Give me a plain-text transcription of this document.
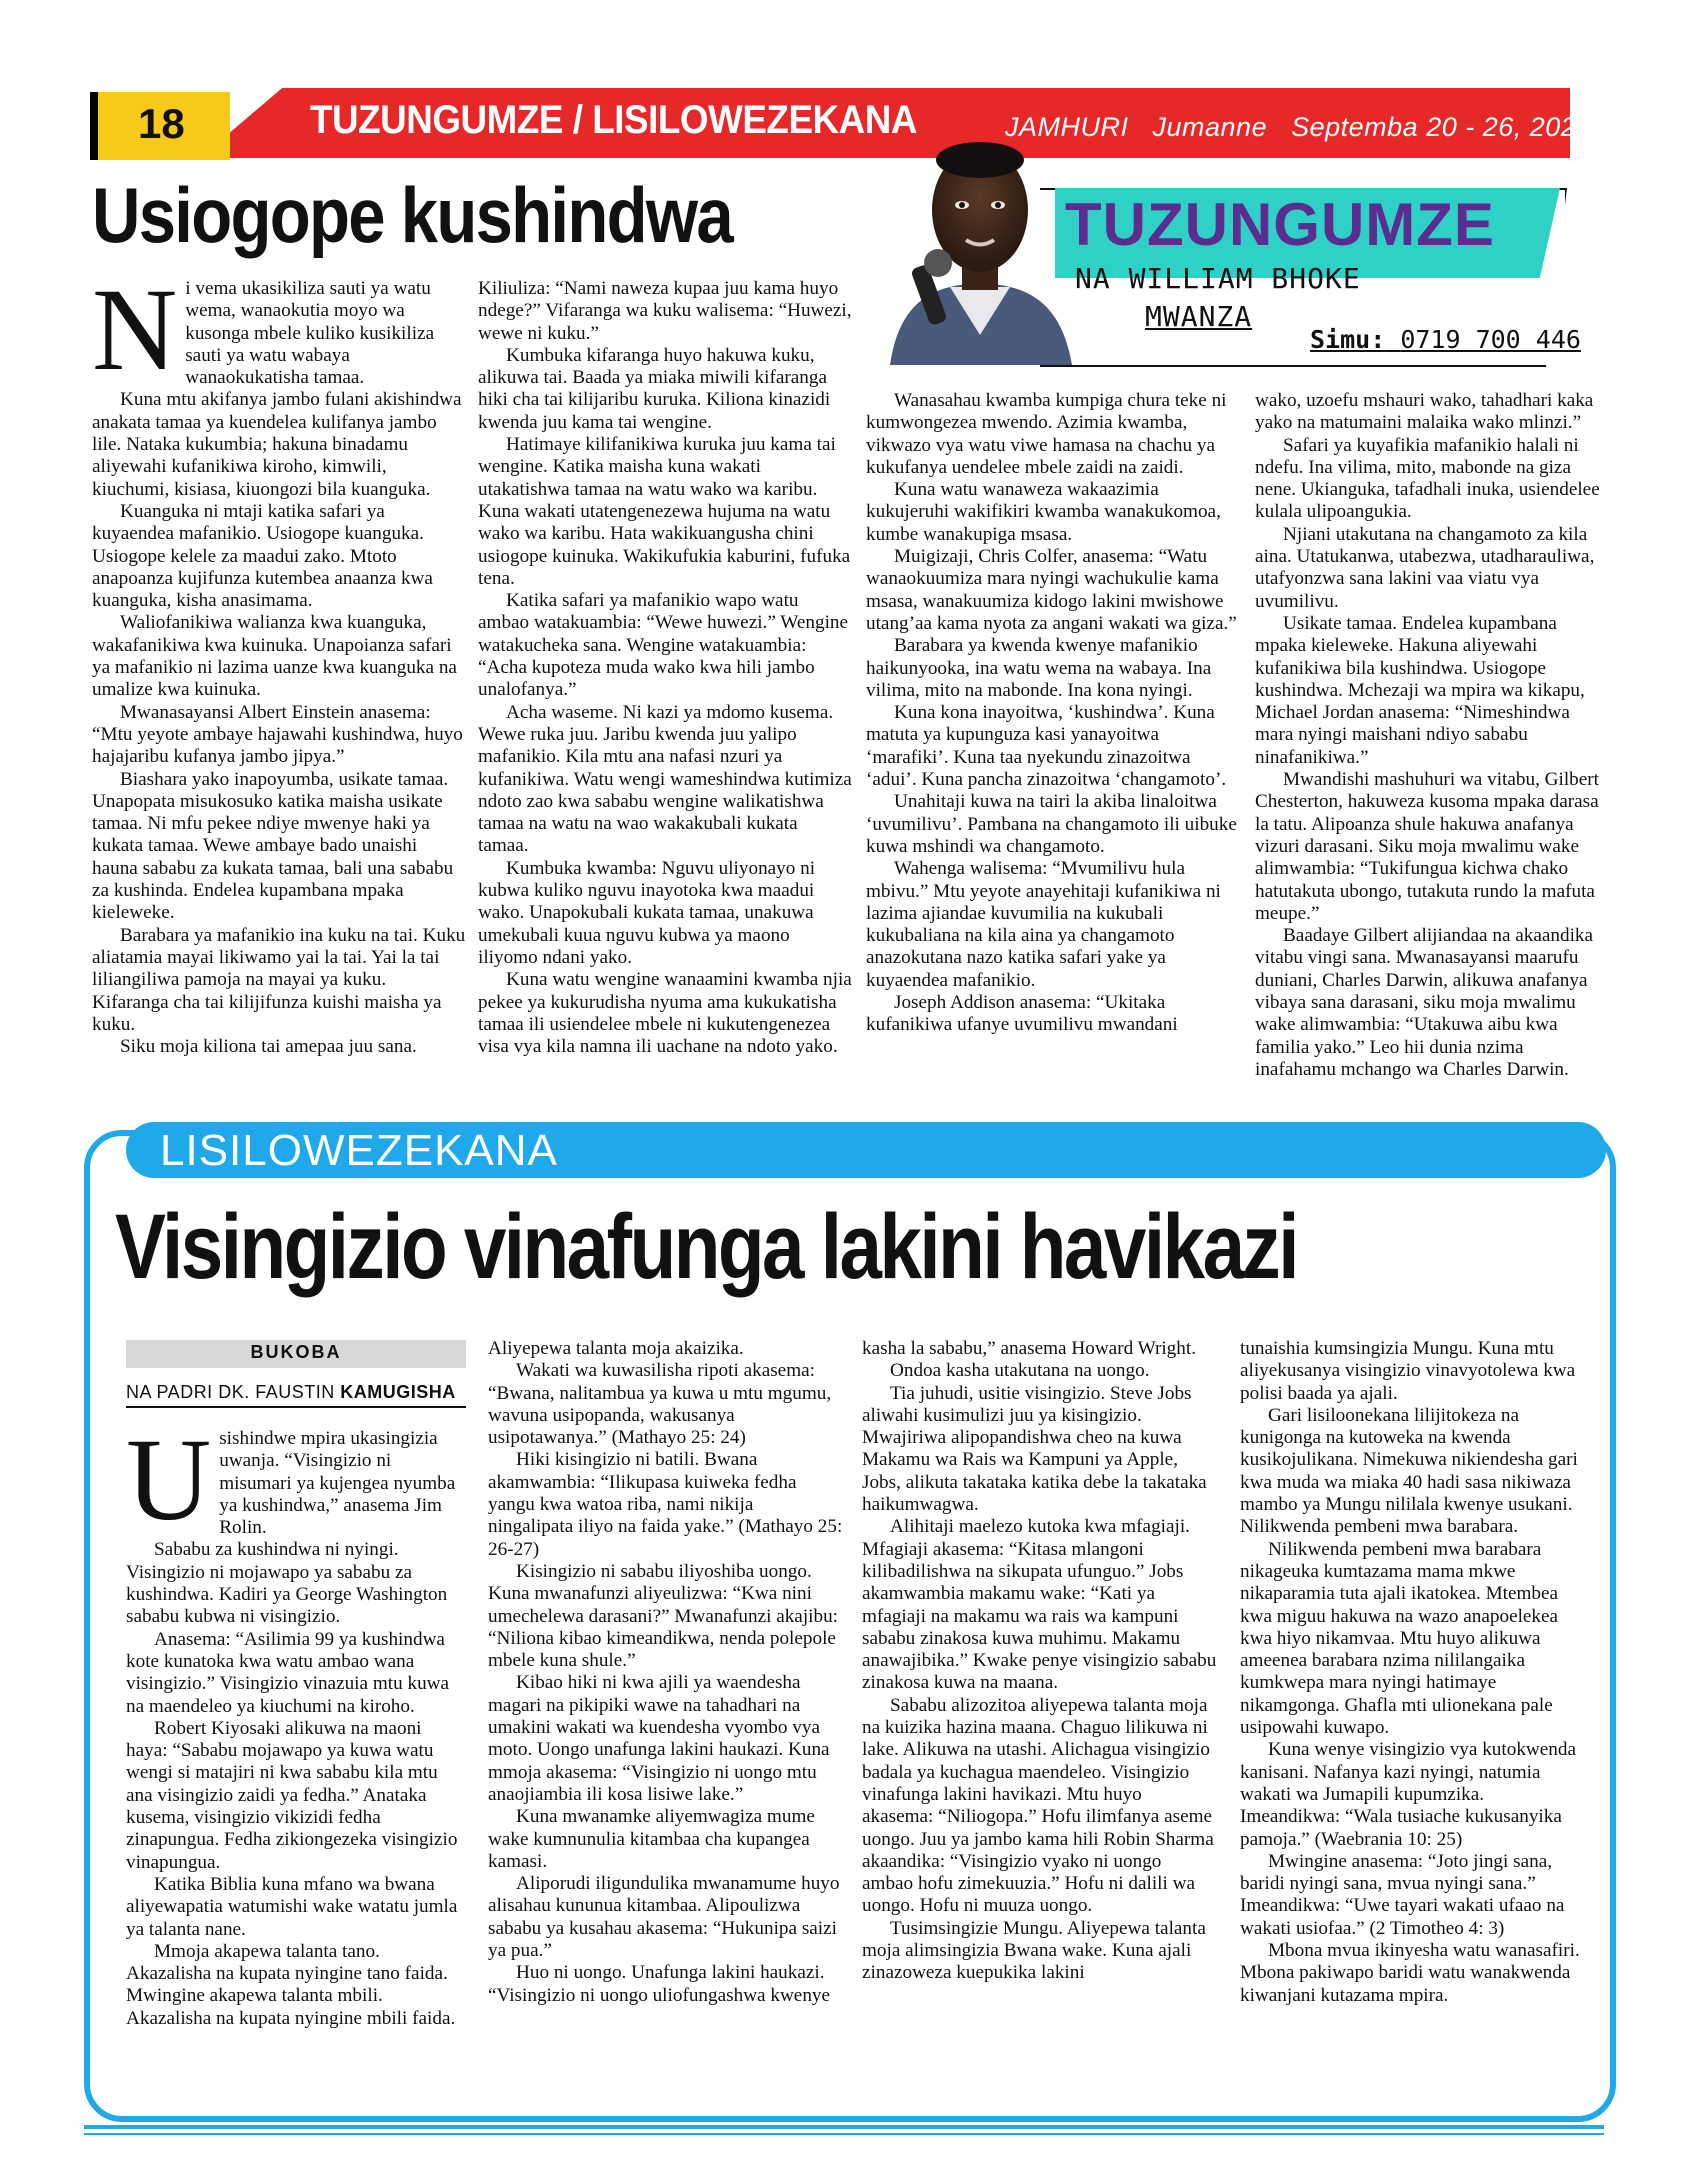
18	TUZUNGUMZE / LISILOWEZEKANA	JAMHURI Jumanne Septemba 20 - 26, 2022
Usiogope kushindwa	TUZUNGUMZE
NA WILLIAM BHOKE
MWANZA
Simu: 0719 700 446

Ni vema ukasikiliza sauti ya watu wema, wanaokutia moyo wa kusonga mbele kuliko kusikiliza sauti ya watu wabaya wanaokukatisha tamaa.

Kuna mtu akifanya jambo fulani akishindwa anakata tamaa ya kuendelea kulifanya jambo lile. Nataka kukumbia; hakuna binadamu aliyewahi kufanikiwa kiroho, kimwili, kiuchumi, kisiasa, kiuongozi bila kuanguka.

Kuanguka ni mtaji katika safari ya kuyaendea mafanikio. Usiogope kuanguka. Usiogope kelele za maadui zako. Mtoto anapoanza kujifunza kutembea anaanza kwa kuanguka, kisha anasimama.

Waliofanikiwa walianza kwa kuanguka, wakafanikiwa kwa kuinuka. Unapoianza safari ya mafanikio ni lazima uanze kwa kuanguka na umalize kwa kuinuka.

Mwanasayansi Albert Einstein anasema: “Mtu yeyote ambaye hajawahi kushindwa, huyo hajajaribu kufanya jambo jipya.”

Biashara yako inapoyumba, usikate tamaa. Unapopata misukosuko katika maisha usikate tamaa. Ni mfu pekee ndiye mwenye haki ya kukata tamaa. Wewe ambaye bado unaishi hauna sababu za kukata tamaa, bali una sababu za kushinda. Endelea kupambana mpaka kieleweke.

Barabara ya mafanikio ina kuku na tai. Kuku aliatamia mayai likiwamo yai la tai. Yai la tai liliangiliwa pamoja na mayai ya kuku. Kifaranga cha tai kilijifunza kuishi maisha ya kuku.

Siku moja kiliona tai amepaa juu sana.

Kiliuliza: “Nami naweza kupaa juu kama huyo ndege?” Vifaranga wa kuku walisema: “Huwezi, wewe ni kuku.”

Kumbuka kifaranga huyo hakuwa kuku, alikuwa tai. Baada ya miaka miwili kifaranga hiki cha tai kilijaribu kuruka. Kiliona kinazidi kwenda juu kama tai wengine.

Hatimaye kilifanikiwa kuruka juu kama tai wengine. Katika maisha kuna wakati utakatishwa tamaa na watu wako wa karibu. Kuna wakati utatengenezewa hujuma na watu wako wa karibu. Hata wakikuangusha chini usiogope kuinuka. Wakikufukia kaburini, fufuka tena.

Katika safari ya mafanikio wapo watu ambao watakuambia: “Wewe huwezi.” Wengine watakucheka sana. Wengine watakuambia: “Acha kupoteza muda wako kwa hili jambo unalofanya.”

Acha waseme. Ni kazi ya mdomo kusema. Wewe ruka juu. Jaribu kwenda juu yalipo mafanikio. Kila mtu ana nafasi nzuri ya kufanikiwa. Watu wengi wameshindwa kutimiza ndoto zao kwa sababu wengine walikatishwa tamaa na watu na wao wakakubali kukata tamaa.

Kumbuka kwamba: Nguvu uliyonayo ni kubwa kuliko nguvu inayotoka kwa maadui wako. Unapokubali kukata tamaa, unakuwa umekubali kuua nguvu kubwa ya maono iliyomo ndani yako.

Kuna watu wengine wanaamini kwamba njia pekee ya kukurudisha nyuma ama kukukatisha tamaa ili usiendelee mbele ni kukutengenezea visa vya kila namna ili uachane na ndoto yako.

Wanasahau kwamba kumpiga chura teke ni kumwongezea mwendo. Azimia kwamba, vikwazo vya watu viwe hamasa na chachu ya kukufanya uendelee mbele zaidi na zaidi.

Kuna watu wanaweza wakaazimia kukujeruhi wakifikiri kwamba wanakukomoa, kumbe wanakupiga msasa.

Muigizaji, Chris Colfer, anasema: “Watu wanaokuumiza mara nyingi wachukulie kama msasa, wanakuumiza kidogo lakini mwishowe utang’aa kama nyota za angani wakati wa giza.”

Barabara ya kwenda kwenye mafanikio haikunyooka, ina watu wema na wabaya. Ina vilima, mito na mabonde. Ina kona nyingi.

Kuna kona inayoitwa, ‘kushindwa’. Kuna matuta ya kupunguza kasi yanayoitwa ‘marafiki’. Kuna taa nyekundu zinazoitwa ‘adui’. Kuna pancha zinazoitwa ‘changamoto’.

Unahitaji kuwa na tairi la akiba linaloitwa ‘uvumilivu’. Pambana na changamoto ili uibuke kuwa mshindi wa changamoto.

Wahenga walisema: “Mvumilivu hula mbivu.” Mtu yeyote anayehitaji kufanikiwa ni lazima ajiandae kuvumilia na kukubali kukubaliana na kila aina ya changamoto anazokutana nazo katika safari yake ya kuyaendea mafanikio.

Joseph Addison anasema: “Ukitaka kufanikiwa ufanye uvumilivu mwandani

wako, uzoefu mshauri wako, tahadhari kaka yako na matumaini malaika wako mlinzi.”

Safari ya kuyafikia mafanikio halali ni ndefu. Ina vilima, mito, mabonde na giza nene. Ukianguka, tafadhali inuka, usiendelee kulala ulipoangukia.

Njiani utakutana na changamoto za kila aina. Utatukanwa, utabezwa, utadharauliwa, utafyonzwa sana lakini vaa viatu vya uvumilivu.

Usikate tamaa. Endelea kupambana mpaka kieleweke. Hakuna aliyewahi kufanikiwa bila kushindwa. Usiogope kushindwa. Mchezaji wa mpira wa kikapu, Michael Jordan anasema: “Nimeshindwa mara nyingi maishani ndiyo sababu ninafanikiwa.”

Mwandishi mashuhuri wa vitabu, Gilbert Chesterton, hakuweza kusoma mpaka darasa la tatu. Alipoanza shule hakuwa anafanya vizuri darasani. Siku moja mwalimu wake alimwambia: “Tukifungua kichwa chako hatutakuta ubongo, tutakuta rundo la mafuta meupe.”

Baadaye Gilbert alijiandaa na akaandika vitabu vingi sana. Mwanasayansi maarufu duniani, Charles Darwin, alikuwa anafanya vibaya sana darasani, siku moja mwalimu wake alimwambia: “Utakuwa aibu kwa familia yako.” Leo hii dunia nzima inafahamu mchango wa Charles Darwin.

LISILOWEZEKANA
Visingizio vinafunga lakini havikazi
BUKOBA
NA PADRI DK. FAUSTIN KAMUGISHA

Usishindwe mpira ukasingizia uwanja. “Visingizio ni misumari ya kujengea nyumba ya kushindwa,” anasema Jim Rolin.

Sababu za kushindwa ni nyingi. Visingizio ni mojawapo ya sababu za kushindwa. Kadiri ya George Washington sababu kubwa ni visingizio.

Anasema: “Asilimia 99 ya kushindwa kote kunatoka kwa watu ambao wana visingizio.” Visingizio vinazuia mtu kuwa na maendeleo ya kiuchumi na kiroho.

Robert Kiyosaki alikuwa na maoni haya: “Sababu mojawapo ya kuwa watu wengi si matajiri ni kwa sababu kila mtu ana visingizio zaidi ya fedha.” Anataka kusema, visingizio vikizidi fedha zinapungua. Fedha zikiongezeka visingizio vinapungua.

Katika Biblia kuna mfano wa bwana aliyewapatia watumishi wake watatu jumla ya talanta nane.

Mmoja akapewa talanta tano. Akazalisha na kupata nyingine tano faida. Mwingine akapewa talanta mbili. Akazalisha na kupata nyingine mbili faida.

Aliyepewa talanta moja akaizika.

Wakati wa kuwasilisha ripoti akasema: “Bwana, nalitambua ya kuwa u mtu mgumu, wavuna usipopanda, wakusanya usipotawanya.” (Mathayo 25: 24)

Hiki kisingizio ni batili. Bwana akamwambia: “Ilikupasa kuiweka fedha yangu kwa watoa riba, nami nikija ningalipata iliyo na faida yake.” (Mathayo 25: 26-27)

Kisingizio ni sababu iliyoshiba uongo. Kuna mwanafunzi aliyeulizwa: “Kwa nini umechelewa darasani?” Mwanafunzi akajibu: “Niliona kibao kimeandikwa, nenda polepole mbele kuna shule.”

Kibao hiki ni kwa ajili ya waendesha magari na pikipiki wawe na tahadhari na umakini wakati wa kuendesha vyombo vya moto. Uongo unafunga lakini haukazi. Kuna mmoja akasema: “Visingizio ni uongo mtu anaojiambia ili kosa lisiwe lake.”

Kuna mwanamke aliyemwagiza mume wake kumnunulia kitambaa cha kupangea kamasi.

Aliporudi iligundulika mwanamume huyo alisahau kununua kitambaa. Alipoulizwa sababu ya kusahau akasema: “Hukunipa saizi ya pua.”

Huo ni uongo. Unafunga lakini haukazi. “Visingizio ni uongo uliofungashwa kwenye

kasha la sababu,” anasema Howard Wright.

Ondoa kasha utakutana na uongo.

Tia juhudi, usitie visingizio. Steve Jobs aliwahi kusimulizi juu ya kisingizio. Mwajiriwa alipopandishwa cheo na kuwa Makamu wa Rais wa Kampuni ya Apple, Jobs, alikuta takataka katika debe la takataka haikumwagwa.

Alihitaji maelezo kutoka kwa mfagiaji. Mfagiaji akasema: “Kitasa mlangoni kilibadilishwa na sikupata ufunguo.” Jobs akamwambia makamu wake: “Kati ya mfagiaji na makamu wa rais wa kampuni sababu zinakosa kuwa muhimu. Makamu anawajibika.” Kwake penye visingizio sababu zinakosa kuwa na maana.

Sababu alizozitoa aliyepewa talanta moja na kuizika hazina maana. Chaguo lilikuwa ni lake. Alikuwa na utashi. Alichagua visingizio badala ya kuchagua maendeleo. Visingizio vinafunga lakini havikazi. Mtu huyo akasema: “Niliogopa.” Hofu ilimfanya aseme uongo. Juu ya jambo kama hili Robin Sharma akaandika: “Visingizio vyako ni uongo ambao hofu zimekuuzia.” Hofu ni dalili wa uongo. Hofu ni muuza uongo.

Tusimsingizie Mungu. Aliyepewa talanta moja alimsingizia Bwana wake. Kuna ajali zinazoweza kuepukika lakini

tunaishia kumsingizia Mungu. Kuna mtu aliyekusanya visingizio vinavyotolewa kwa polisi baada ya ajali.

Gari lisiloonekana lilijitokeza na kunigonga na kutoweka na kwenda kusikojulikana. Nimekuwa nikiendesha gari kwa muda wa miaka 40 hadi sasa nikiwaza mambo ya Mungu nililala kwenye usukani. Nilikwenda pembeni mwa barabara.

Nilikwenda pembeni mwa barabara nikageuka kumtazama mama mkwe nikaparamia tuta ajali ikatokea. Mtembea kwa miguu hakuwa na wazo anapoelekea kwa hiyo nikamvaa. Mtu huyo alikuwa ameenea barabara nzima nililangaika kumkwepa mara nyingi hatimaye nikamgonga. Ghafla mti ulionekana pale usipowahi kuwapo.

Kuna wenye visingizio vya kutokwenda kanisani. Nafanya kazi nyingi, natumia wakati wa Jumapili kupumzika. Imeandikwa: “Wala tusiache kukusanyika pamoja.” (Waebrania 10: 25)

Mwingine anasema: “Joto jingi sana, baridi nyingi sana, mvua nyingi sana.” Imeandikwa: “Uwe tayari wakati ufaao na wakati usiofaa.” (2 Timotheo 4: 3)

Mbona mvua ikinyesha watu wanasafiri. Mbona pakiwapo baridi watu wanakwenda kiwanjani kutazama mpira.
